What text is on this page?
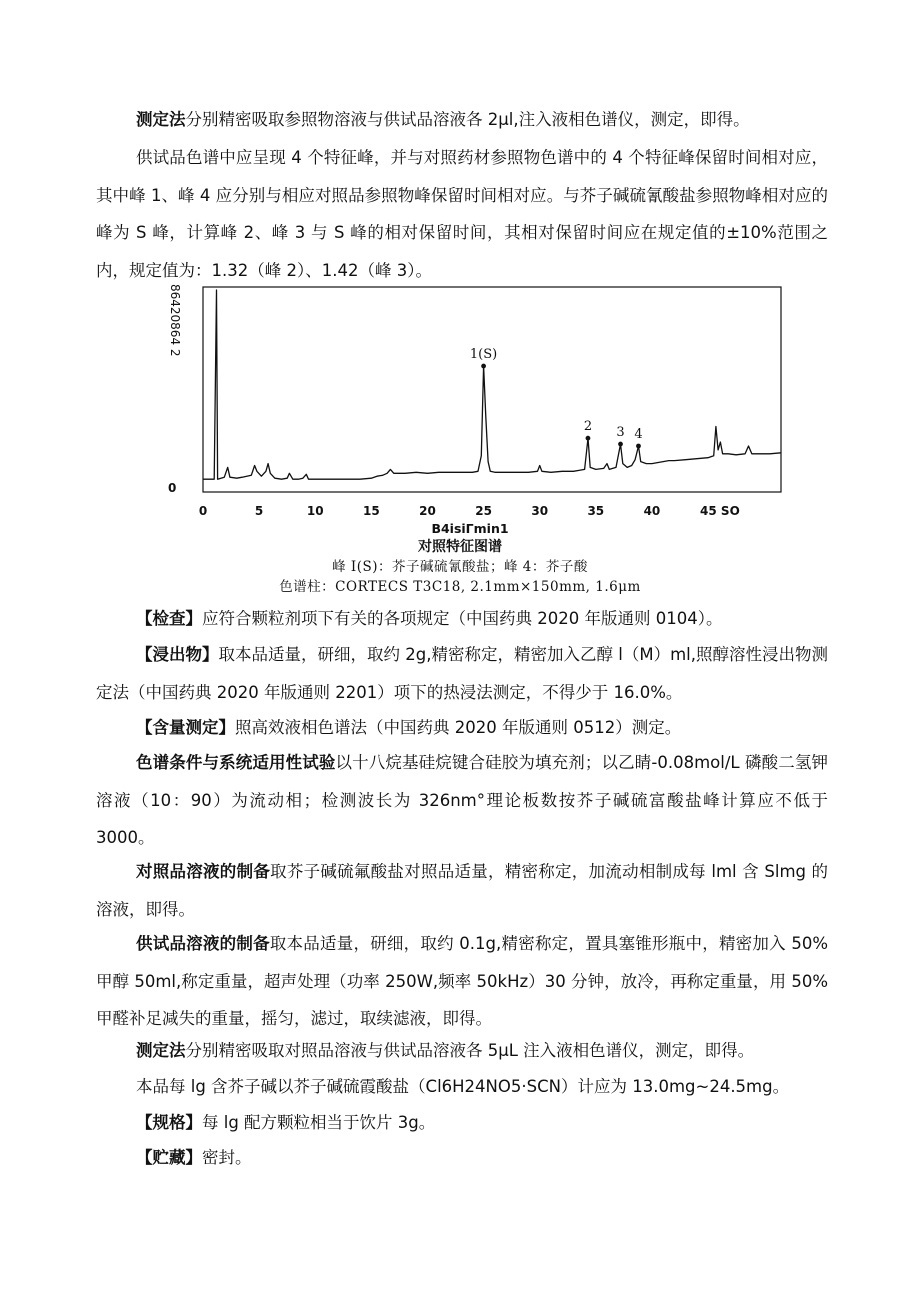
测定法分别精密吸取参照物溶液与供试品溶液各 2μl,注入液相色谱仪，测定，即得。

供试品色谱中应呈现 4 个特征峰，并与对照药材参照物色谱中的 4 个特征峰保留时间相对应，其中峰 1、峰 4 应分别与相应对照品参照物峰保留时间相对应。与芥子碱硫氰酸盐参照物峰相对应的峰为 S 峰，计算峰 2、峰 3 与 S 峰的相对保留时间，其相对保留时间应在规定值的±10%范围之内，规定值为：1.32（峰 2）、1.42（峰 3）。

86420864 2
0
1(S)
2 3 4
0	5	10	15	20	25	30	35	40	45 SO
B4isiΓmin1
对照特征图谱
峰 I(S)：芥子碱硫氰酸盐；峰 4：芥子酸
色谱柱：CORTECS T3C18, 2.1mm×150mm, 1.6μm

【检查】应符合颗粒剂项下有关的各项规定（中国药典 2020 年版通则 0104）。

【浸出物】取本品适量，研细，取约 2g,精密称定，精密加入乙醇 l（M）ml,照醇溶性浸出物测定法（中国药典 2020 年版通则 2201）项下的热浸法测定，不得少于 16.0%。

【含量测定】照高效液相色谱法（中国药典 2020 年版通则 0512）测定。

色谱条件与系统适用性试验以十八烷基硅烷键合硅胶为填充剂；以乙睛-0.08mol∕L 磷酸二氢钾溶液（10：90）为流动相；检测波长为 326nm°理论板数按芥子碱硫富酸盐峰计算应不低于 3000。

对照品溶液的制备取芥子碱硫氟酸盐对照品适量，精密称定，加流动相制成每 lml 含 Slmg 的溶液，即得。

供试品溶液的制备取本品适量，研细，取约 0.1g,精密称定，置具塞锥形瓶中，精密加入 50%甲醇 50ml,称定重量，超声处理（功率 250W,频率 50kHz）30 分钟，放冷，再称定重量，用 50%甲醛补足减失的重量，摇匀，滤过，取续滤液，即得。

测定法分别精密吸取对照品溶液与供试品溶液各 5μL 注入液相色谱仪，测定，即得。

本品每 lg 含芥子碱以芥子碱硫霞酸盐（Cl6H24NO5·SCN）计应为 13.0mg~24.5mg。

【规格】每 lg 配方颗粒相当于饮片 3g。

【贮藏】密封。
